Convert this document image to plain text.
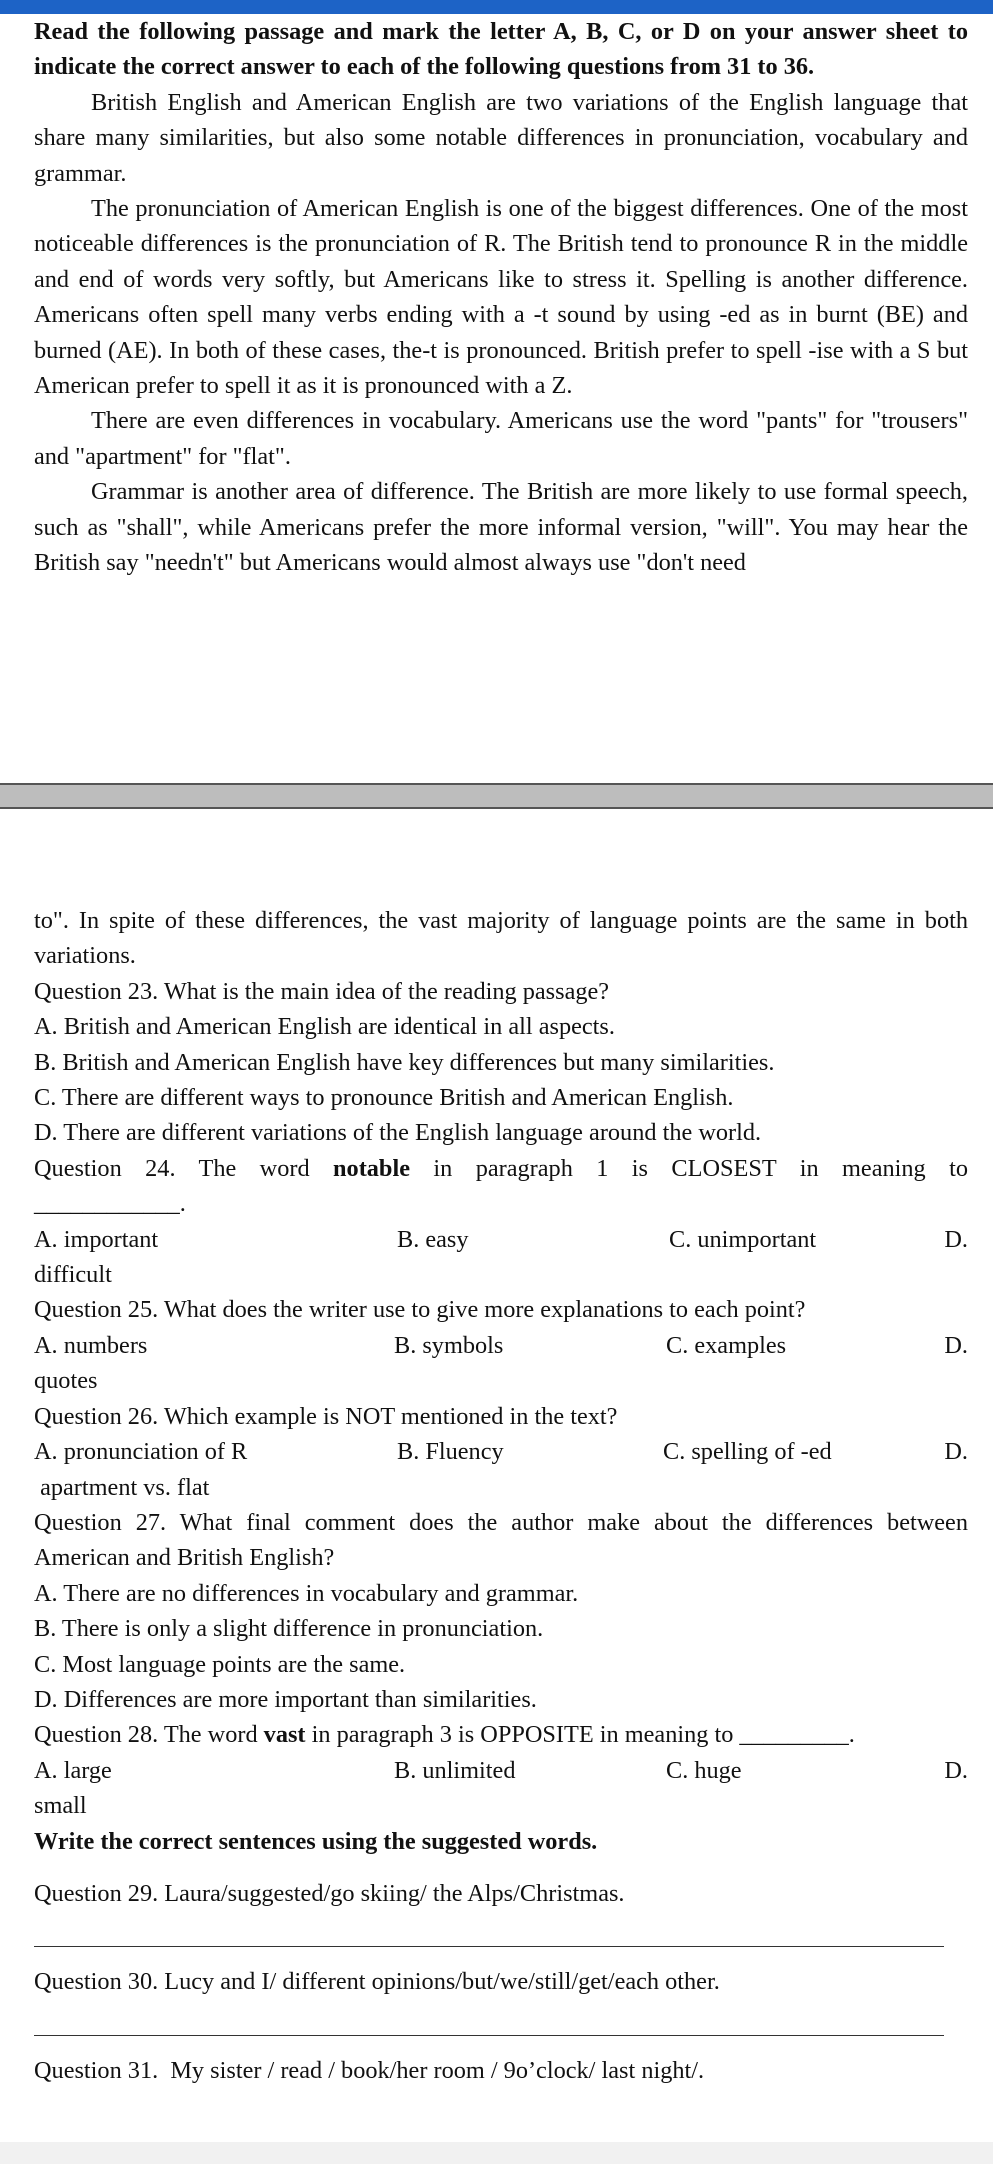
Read the following passage and mark the letter A, B, C, or D on your answer sheet to indicate the correct answer to each of the following questions from 31 to 36.

British English and American English are two variations of the English language that share many similarities, but also some notable differences in pronunciation, vocabulary and grammar.

The pronunciation of American English is one of the biggest differences. One of the most noticeable differences is the pronunciation of R. The British tend to pronounce R in the middle and end of words very softly, but Americans like to stress it. Spelling is another difference. Americans often spell many verbs ending with a -t sound by using -ed as in burnt (BE) and burned (AE). In both of these cases, the-t is pronounced. British prefer to spell -ise with a S but American prefer to spell it as it is pronounced with a Z.

There are even differences in vocabulary. Americans use the word "pants" for "trousers" and "apartment" for "flat".

Grammar is another area of difference. The British are more likely to use formal speech, such as "shall", while Americans prefer the more informal version, "will". You may hear the British say "needn't" but Americans would almost always use "don't need

to". In spite of these differences, the vast majority of language points are the same in both variations.

Question 23. What is the main idea of the reading passage?

A. British and American English are identical in all aspects.

B. British and American English have key differences but many similarities.

C. There are different ways to pronounce British and American English.

D. There are different variations of the English language around the world.

Question 24. The word notable in paragraph 1 is CLOSEST in meaning to

____________.

A. important	B. easy	C. unimportant	D.

difficult

Question 25. What does the writer use to give more explanations to each point?

A. numbers	B. symbols	C. examples	D.

quotes

Question 26. Which example is NOT mentioned in the text?

A. pronunciation of R	B. Fluency	C. spelling of -ed	D.

apartment vs. flat

Question 27. What final comment does the author make about the differences between American and British English?

A. There are no differences in vocabulary and grammar.

B. There is only a slight difference in pronunciation.

C. Most language points are the same.

D. Differences are more important than similarities.

Question 28. The word vast in paragraph 3 is OPPOSITE in meaning to _________.

A. large	B. unlimited	C. huge	D.

small

Write the correct sentences using the suggested words.

Question 29. Laura/suggested/go skiing/ the Alps/Christmas.

Question 30. Lucy and I/ different opinions/but/we/still/get/each other.

Question 31.  My sister / read / book/her room / 9o’clock/ last night/.
